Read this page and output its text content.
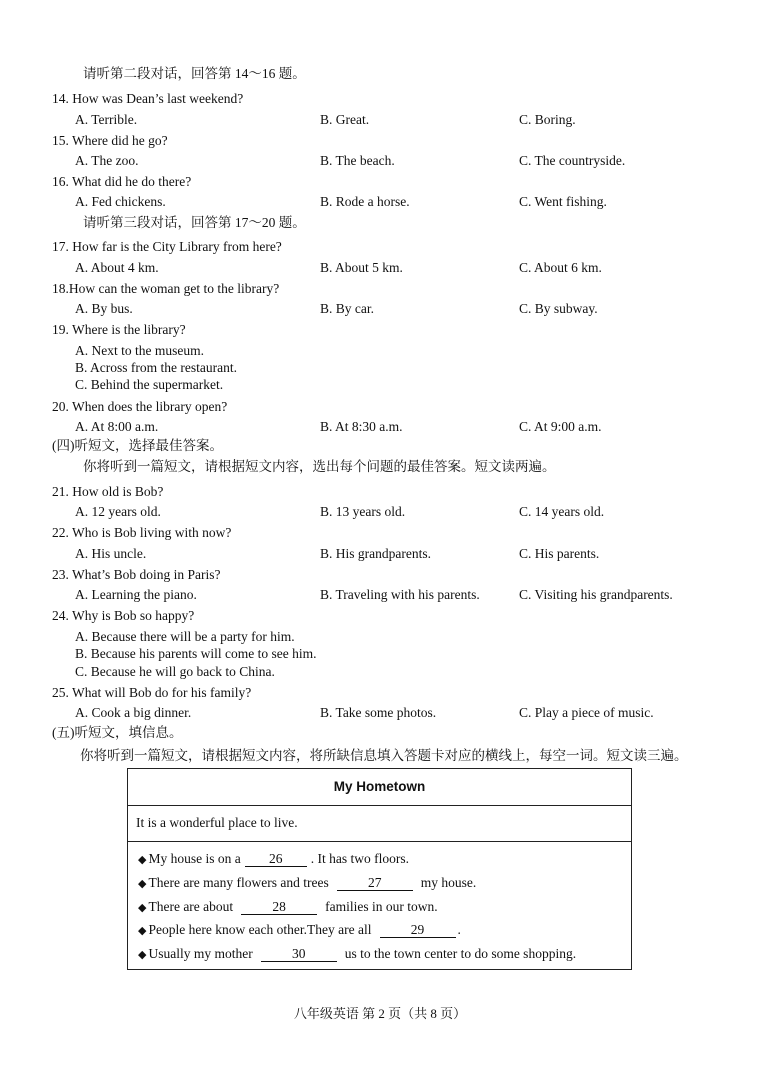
请听第二段对话，回答第 14～16 题。
14. How was Dean’s last weekend?
A. Terrible.	B. Great.	C. Boring.
15. Where did he go?
A. The zoo.	B. The beach.	C. The countryside.
16. What did he do there?
A. Fed chickens.	B. Rode a horse.	C. Went fishing.
请听第三段对话，回答第 17～20 题。
17. How far is the City Library from here?
A. About 4 km.	B. About 5 km.	C. About 6 km.
18.How can the woman get to the library?
A. By bus.	B. By car.	C. By subway.
19. Where is the library?
A. Next to the museum.
B. Across from the restaurant.
C. Behind the supermarket.
20. When does the library open?
A. At 8:00 a.m.	B. At 8:30 a.m.	C. At 9:00 a.m.
(四)听短文，选择最佳答案。
你将听到一篇短文，请根据短文内容，选出每个问题的最佳答案。短文读两遍。
21. How old is Bob?
A. 12 years old.	B. 13 years old.	C. 14 years old.
22. Who is Bob living with now?
A. His uncle.	B. His grandparents.	C. His parents.
23. What’s Bob doing in Paris?
A. Learning the piano.	B. Traveling with his parents.	C. Visiting his grandparents.
24. Why is Bob so happy?
A. Because there will be a party for him.
B. Because his parents will come to see him.
C. Because he will go back to China.
25. What will Bob do for his family?
A. Cook a big dinner.	B. Take some photos.	C. Play a piece of music.
(五)听短文，填信息。
你将听到一篇短文，请根据短文内容，将所缺信息填入答题卡对应的横线上，每空一词。短文读三遍。
My Hometown
It is a wonderful place to live.
◆ My house is on a 26 . It has two floors.
◆ There are many flowers and trees	27	my house.
◆ There are about	28	families in our town.
◆ People here know each other.They are all	29 .
◆ Usually my mother	30	us to the town center to do some shopping.
八年级英语 第 2 页（共 8 页）
